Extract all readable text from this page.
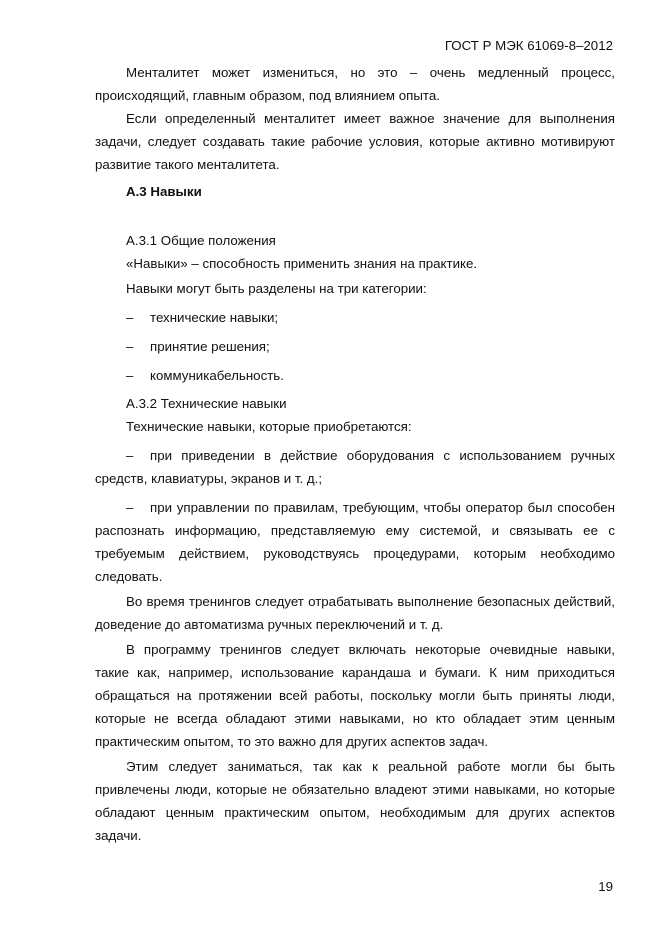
ГОСТ Р МЭК 61069-8–2012

Менталитет может измениться, но это – очень медленный процесс, происходящий, главным образом, под влиянием опыта.

Если определенный менталитет имеет важное значение для выполнения задачи, следует создавать такие рабочие условия, которые активно мотивируют развитие такого менталитета.

А.3 Навыки

А.3.1 Общие положения

«Навыки» – способность применить знания на практике.

Навыки могут быть разделены на три категории:

– технические навыки;

– принятие решения;

– коммуникабельность.

А.3.2 Технические навыки

Технические навыки, которые приобретаются:

– при приведении в действие оборудования с использованием ручных средств, клавиатуры, экранов и т. д.;

– при управлении по правилам, требующим, чтобы оператор был способен распознать информацию, представляемую ему системой, и связывать ее с требуемым действием, руководствуясь процедурами, которым необходимо следовать.

Во время тренингов следует отрабатывать выполнение безопасных действий, доведение до автоматизма ручных переключений и т. д.

В программу тренингов следует включать некоторые очевидные навыки, такие как, например, использование карандаша и бумаги. К ним приходиться обращаться на протяжении всей работы, поскольку могли быть приняты люди, которые не всегда обладают этими навыками, но кто обладает этим ценным практическим опытом, то это важно для других аспектов задач.

Этим следует заниматься, так как к реальной работе могли бы быть привлечены люди, которые не обязательно владеют этими навыками, но которые обладают ценным практическим опытом, необходимым для других аспектов задачи.

19
